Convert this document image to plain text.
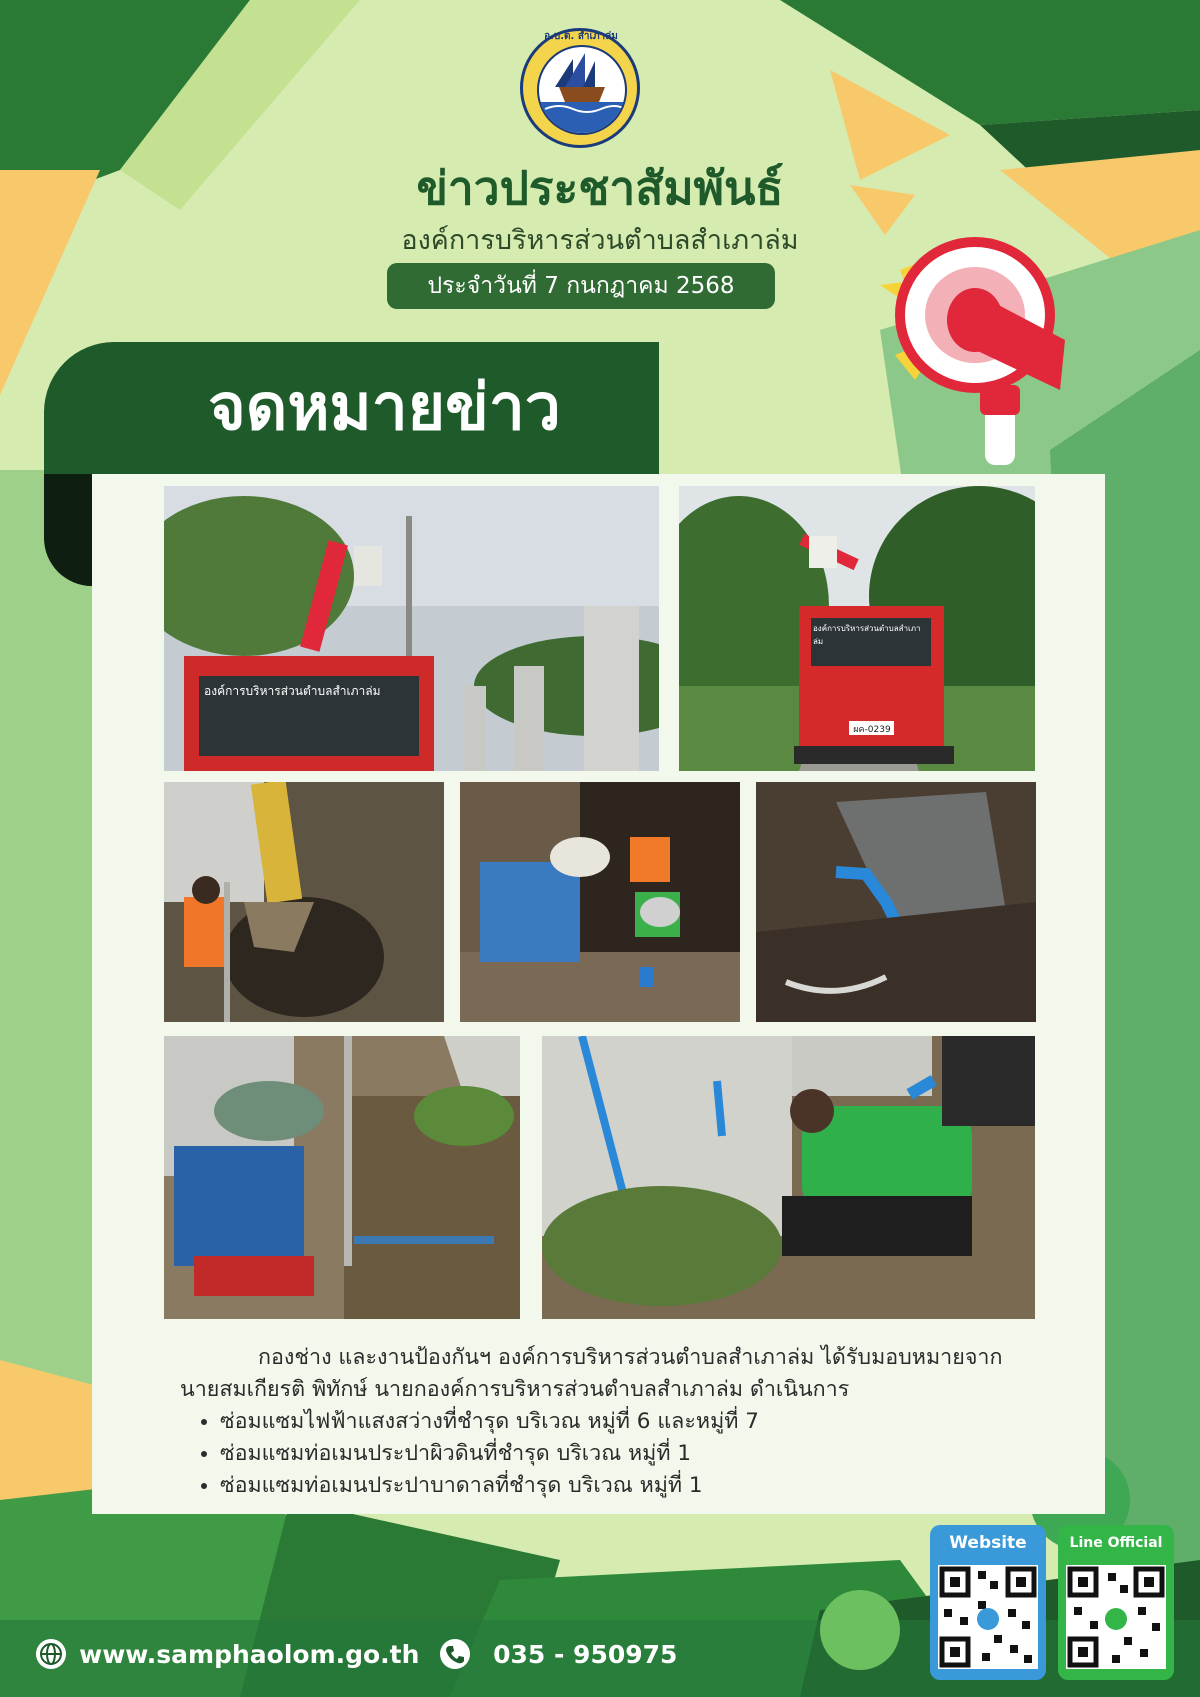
อ.บ.ต. สำเภาล่ม
ข่าวประชาสัมพันธ์
องค์การบริหารส่วนตำบลสำเภาล่ม
ประจำวันที่ 7 กนกฎาคม 2568
จดหมายข่าว
องค์การบริหารส่วนตำบลสำเภาล่ม
องค์การบริหารส่วนตำบลสำเภาล่ม
ผค-0239

กองช่าง และงานป้องกันฯ องค์การบริหารส่วนตำบลสำเภาล่ม ได้รับมอบหมายจากนายสมเกียรติ พิทักษ์ นายกองค์การบริหารส่วนตำบลสำเภาล่ม ดำเนินการ

• ซ่อมแซมไฟฟ้าแสงสว่างที่ชำรุด บริเวณ หมู่ที่ 6 และหมู่ที่ 7
• ซ่อมแซมท่อเมนประปาผิวดินที่ชำรุด บริเวณ หมู่ที่ 1
• ซ่อมแซมท่อเมนประปาบาดาลที่ชำรุด บริเวณ หมู่ที่ 1
Website	Line Official
www.samphaolom.go.th	035 - 950975
